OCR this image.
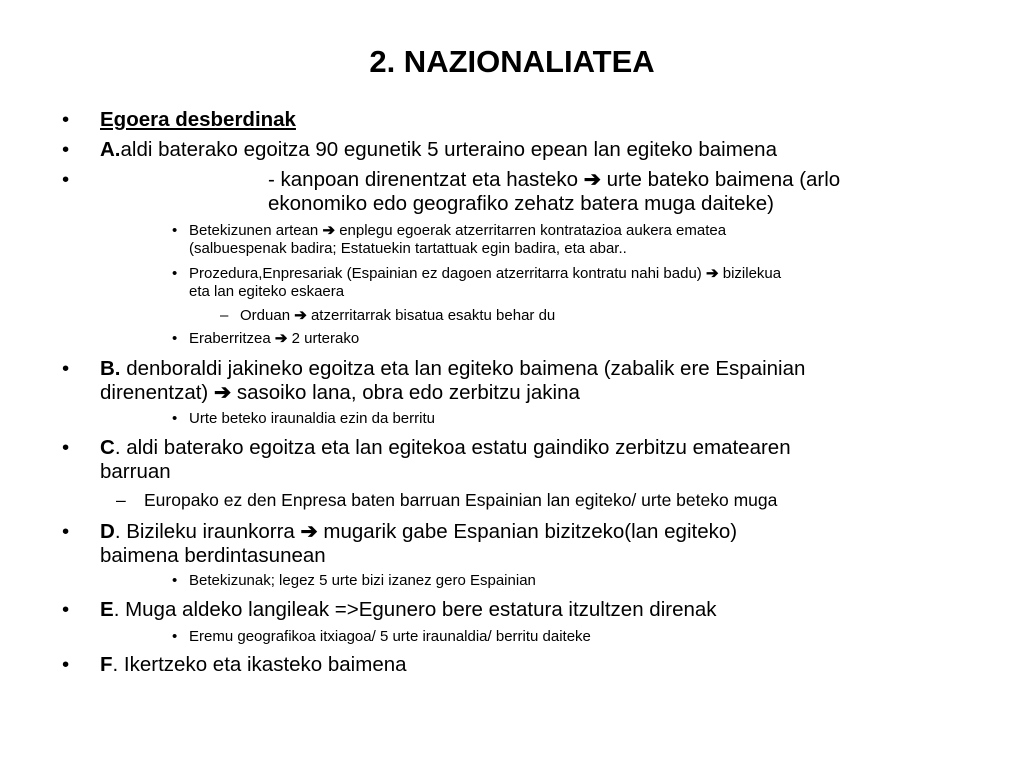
2. NAZIONALIATEA
• Egoera desberdinak
• A.aldi baterako egoitza 90 egunetik 5 urteraino epean lan egiteko baimena
•	- kanpoan direnentzat eta hasteko ➔ urte bateko baimena (arlo
ekonomiko edo geografiko zehatz batera muga daiteke)
• Betekizunen artean ➔ enplegu egoerak atzerritarren kontratazioa aukera ematea
(salbuespenak badira; Estatuekin tartattuak egin badira, eta abar..
• Prozedura,Enpresariak (Espainian ez dagoen atzerritarra kontratu nahi badu) ➔ bizilekua
eta lan egiteko eskaera
– Orduan ➔ atzerritarrak bisatua esaktu behar du
• Eraberritzea ➔ 2 urterako
• B. denboraldi jakineko egoitza eta lan egiteko baimena (zabalik ere Espainian
direnentzat) ➔ sasoiko lana, obra edo zerbitzu jakina
• Urte beteko iraunaldia ezin da berritu
• C. aldi baterako egoitza eta lan egitekoa estatu gaindiko zerbitzu ematearen
barruan
– Europako ez den Enpresa baten barruan Espainian lan egiteko/ urte beteko muga
• D. Bizileku iraunkorra ➔ mugarik gabe Espanian bizitzeko(lan egiteko)
baimena berdintasunean
• Betekizunak; legez 5 urte bizi izanez gero Espainian
• E. Muga aldeko langileak =>Egunero bere estatura itzultzen direnak
• Eremu geografikoa itxiagoa/ 5 urte iraunaldia/ berritu daiteke
• F. Ikertzeko eta ikasteko baimena
